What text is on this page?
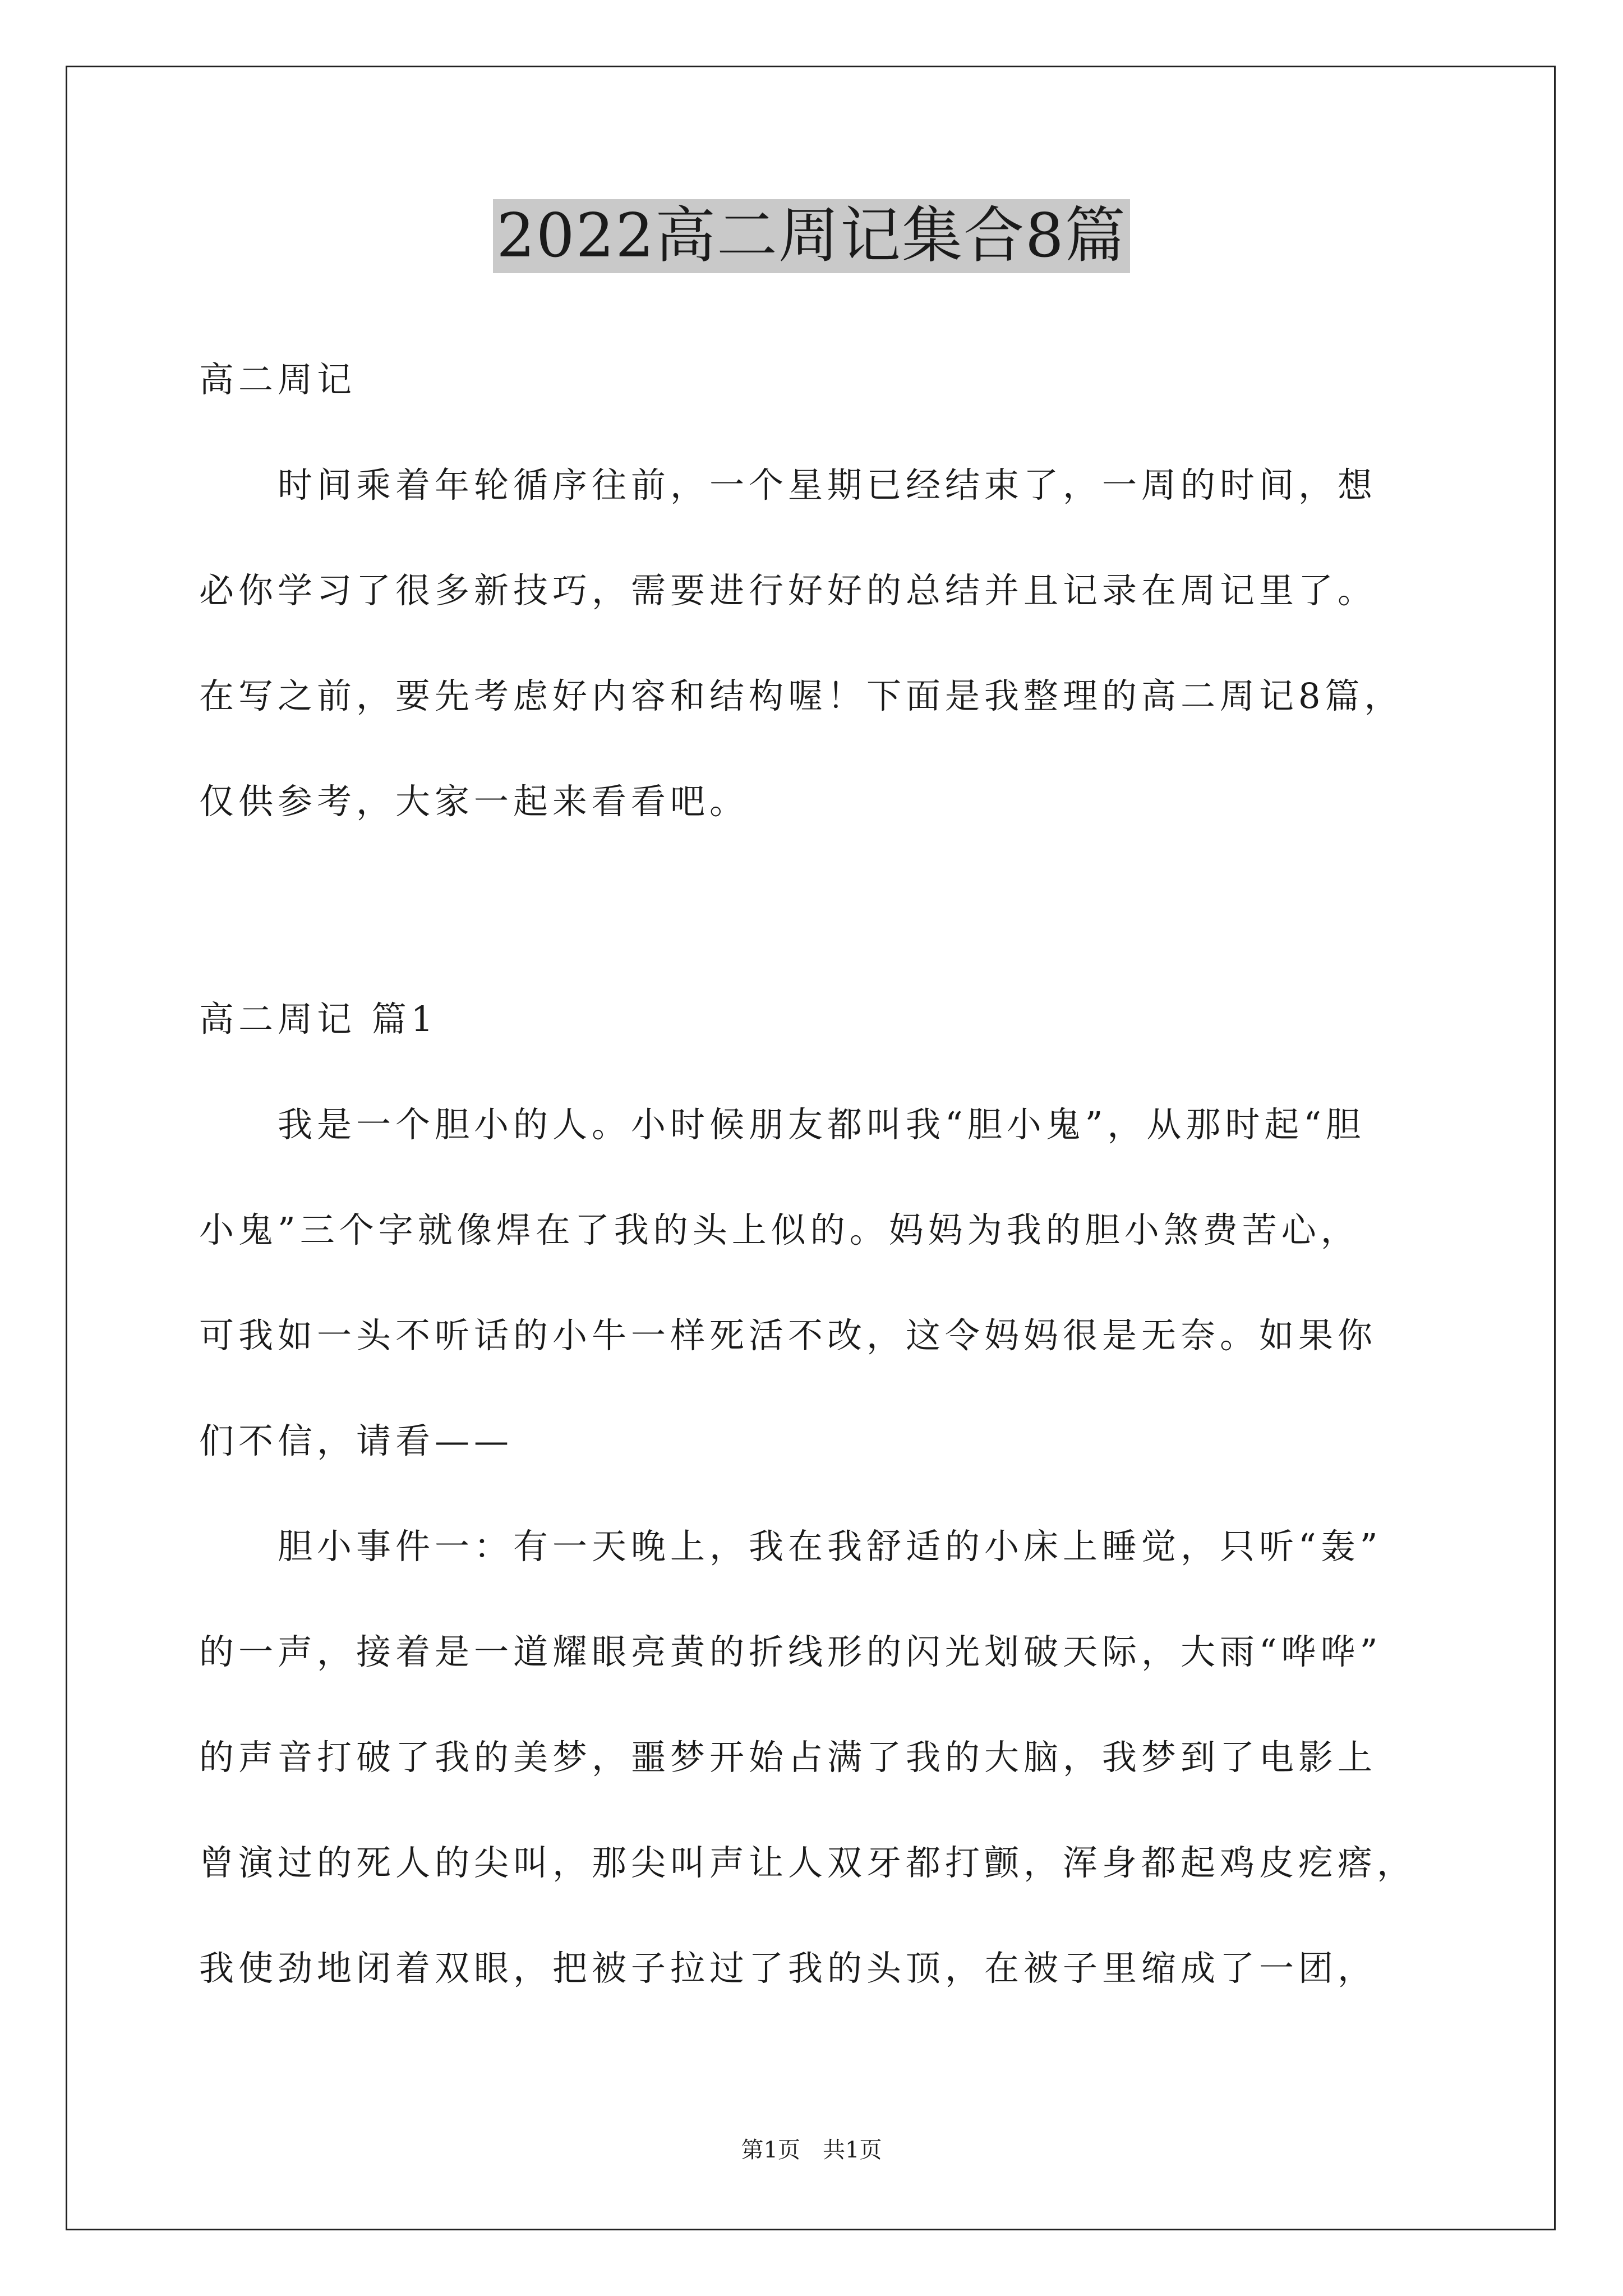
2022高二周记集合8篇
高二周记
　　时间乘着年轮循序往前，一个星期已经结束了，一周的时间，想
必你学习了很多新技巧，需要进行好好的总结并且记录在周记里了。
在写之前，要先考虑好内容和结构喔！下面是我整理的高二周记8篇，
仅供参考，大家一起来看看吧。
高二周记 篇1
　　我是一个胆小的人。小时候朋友都叫我“胆小鬼”，从那时起“胆
小鬼”三个字就像焊在了我的头上似的。妈妈为我的胆小煞费苦心，
可我如一头不听话的小牛一样死活不改，这令妈妈很是无奈。如果你
们不信，请看——
　　胆小事件一：有一天晚上，我在我舒适的小床上睡觉，只听“轰”
的一声，接着是一道耀眼亮黄的折线形的闪光划破天际，大雨“哗哗”
的声音打破了我的美梦，噩梦开始占满了我的大脑，我梦到了电影上
曾演过的死人的尖叫，那尖叫声让人双牙都打颤，浑身都起鸡皮疙瘩，
我使劲地闭着双眼，把被子拉过了我的头顶，在被子里缩成了一团，
第1页　共1页
